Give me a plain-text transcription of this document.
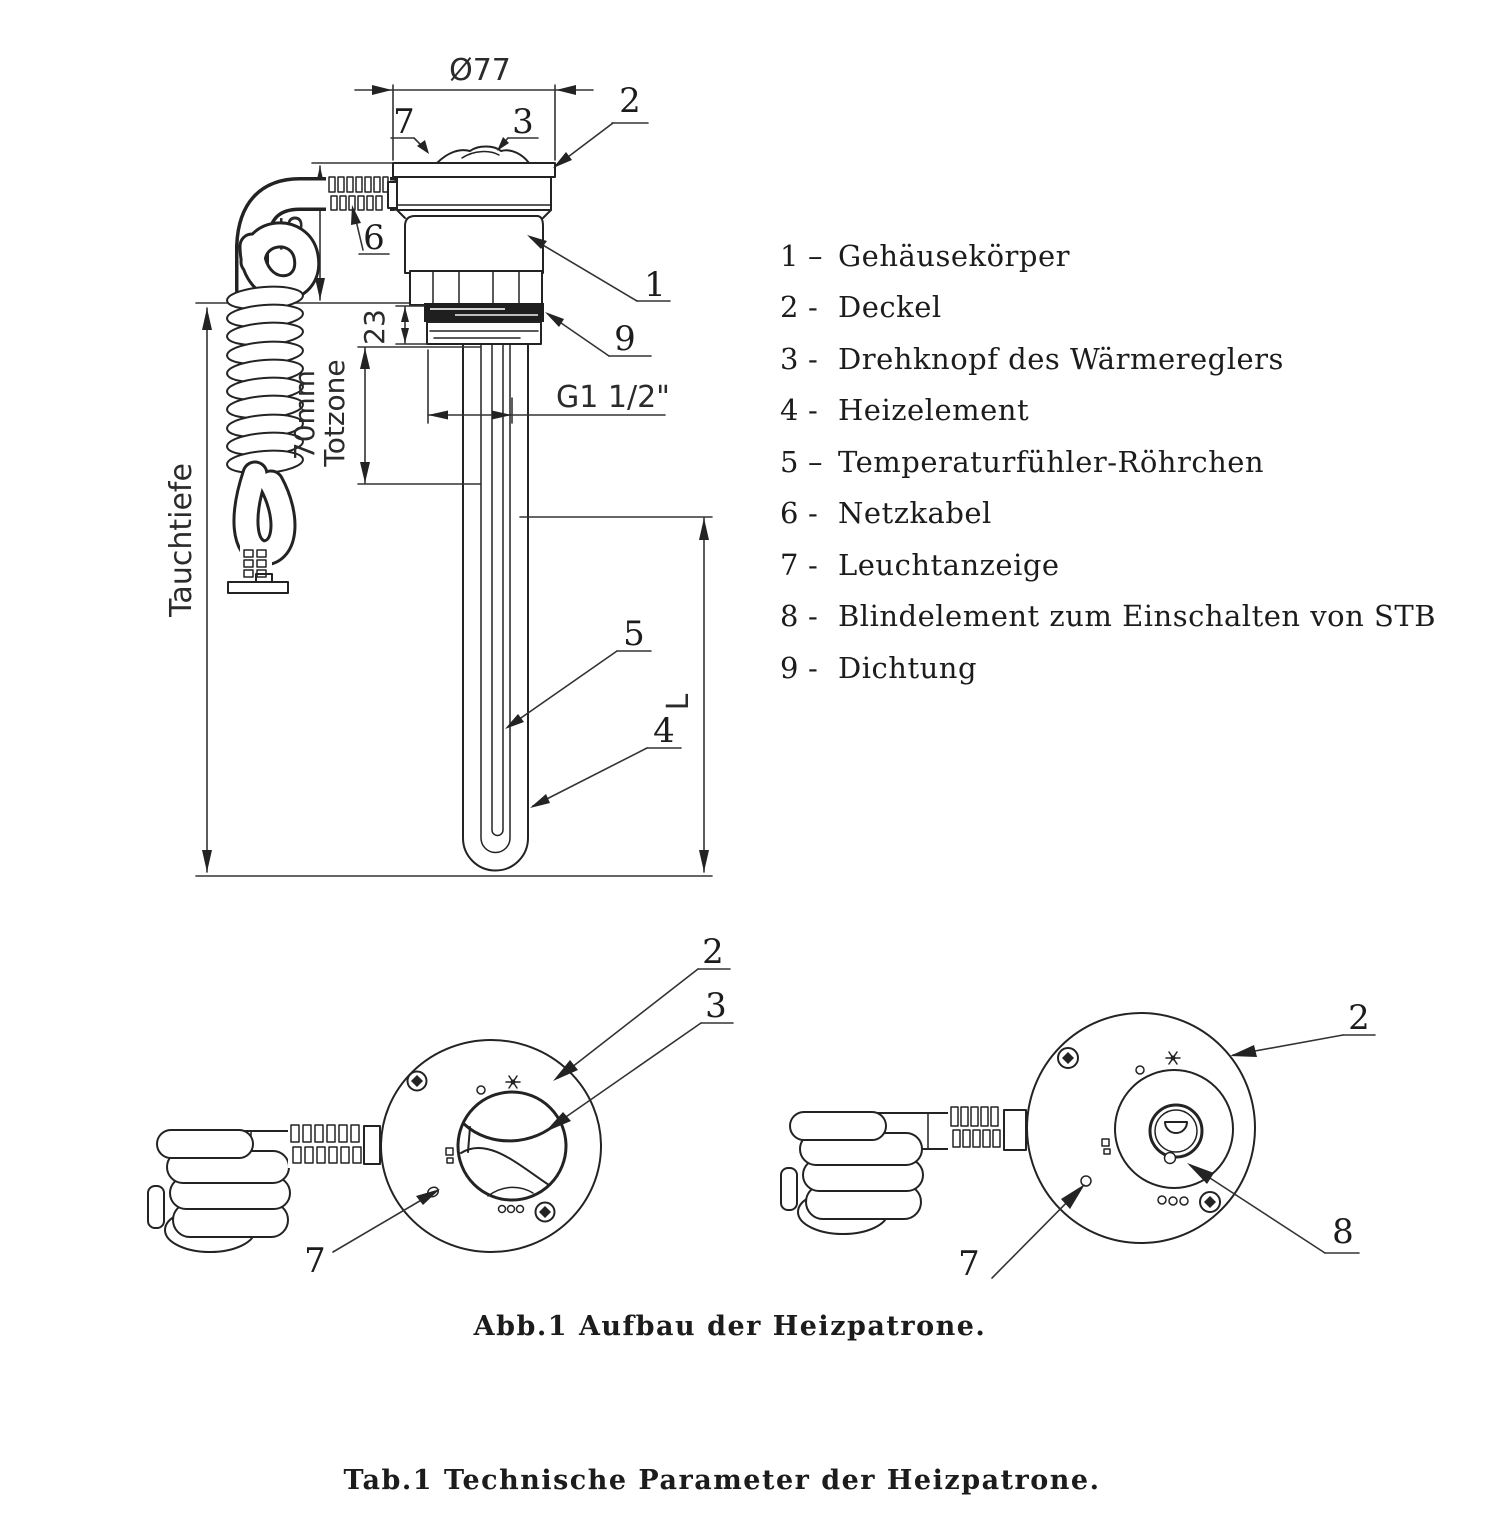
Tauchtiefe
75
Ø77
23
70mm
Totzone	G1 1/2"
L
7	3
2
6
1
9
5
4
1 – Gehäusekörper
2 - Deckel
3 - Drehknopf des Wärmereglers
4 - Heizelement
5 – Temperaturfühler-Röhrchen
6 - Netzkabel
7 - Leuchtanzeige
8 - Blindelement zum Einschalten von STB
9 - Dichtung
2
3
7
2
7
8
Abb.1 Aufbau der Heizpatrone.
Tab.1 Technische Parameter der Heizpatrone.
